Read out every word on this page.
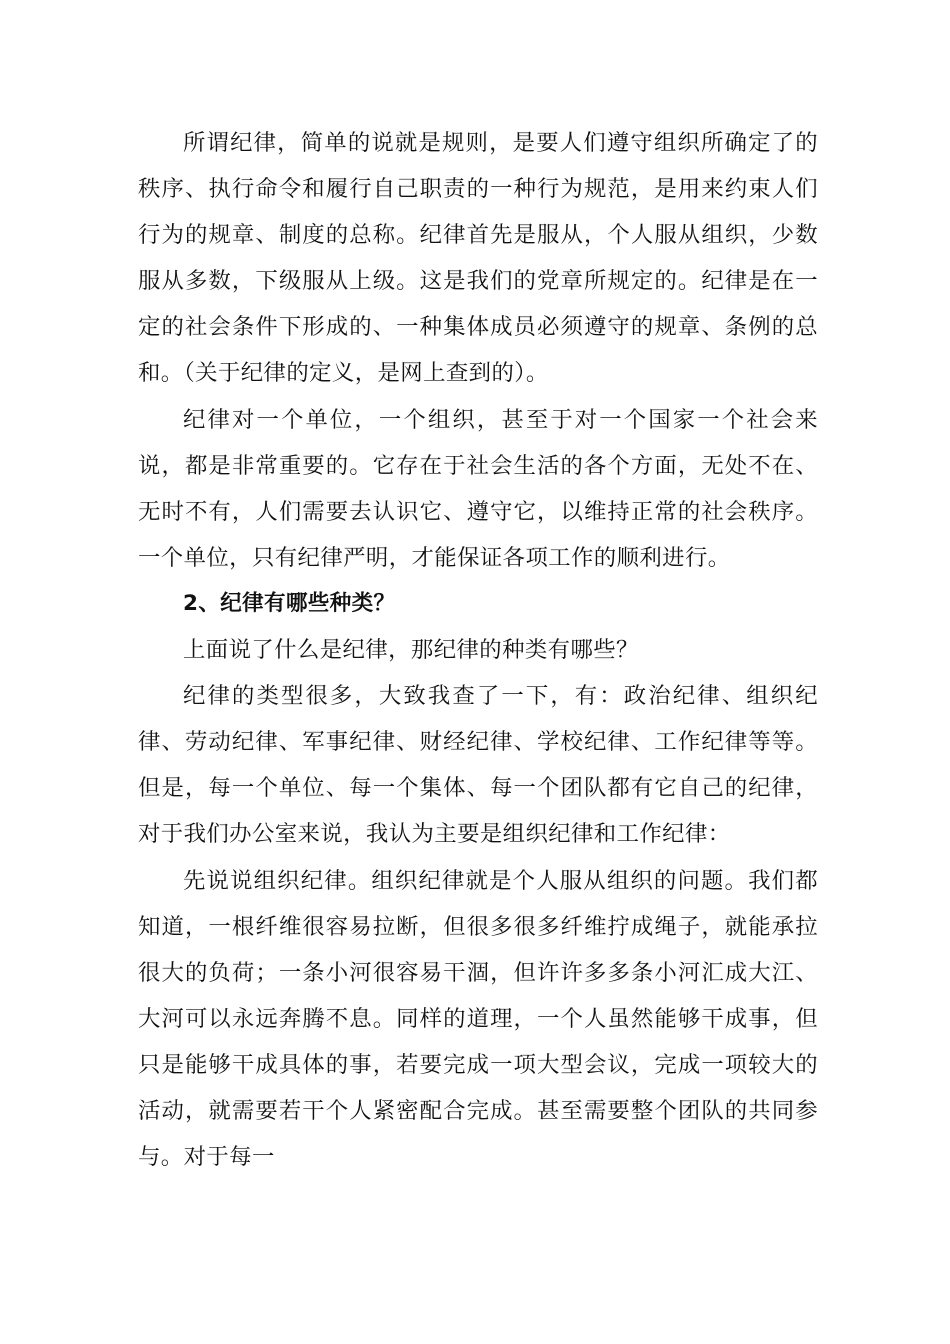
所谓纪律，简单的说就是规则，是要人们遵守组织所确定了的秩序、执行命令和履行自己职责的一种行为规范，是用来约束人们行为的规章、制度的总称。纪律首先是服从，个人服从组织，少数服从多数，下级服从上级。这是我们的党章所规定的。纪律是在一定的社会条件下形成的、一种集体成员必须遵守的规章、条例的总和。（关于纪律的定义，是网上查到的）。

纪律对一个单位，一个组织，甚至于对一个国家一个社会来说，都是非常重要的。它存在于社会生活的各个方面，无处不在、无时不有，人们需要去认识它、遵守它，以维持正常的社会秩序。一个单位，只有纪律严明，才能保证各项工作的顺利进行。

2、纪律有哪些种类？

上面说了什么是纪律，那纪律的种类有哪些？

纪律的类型很多，大致我查了一下，有：政治纪律、组织纪律、劳动纪律、军事纪律、财经纪律、学校纪律、工作纪律等等。但是，每一个单位、每一个集体、每一个团队都有它自己的纪律，对于我们办公室来说，我认为主要是组织纪律和工作纪律：

先说说组织纪律。组织纪律就是个人服从组织的问题。我们都知道，一根纤维很容易拉断，但很多很多纤维拧成绳子，就能承拉很大的负荷；一条小河很容易干涸，但许许多多条小河汇成大江、大河可以永远奔腾不息。同样的道理，一个人虽然能够干成事，但只是能够干成具体的事，若要完成一项大型会议，完成一项较大的活动，就需要若干个人紧密配合完成。甚至需要整个团队的共同参与。对于每一
